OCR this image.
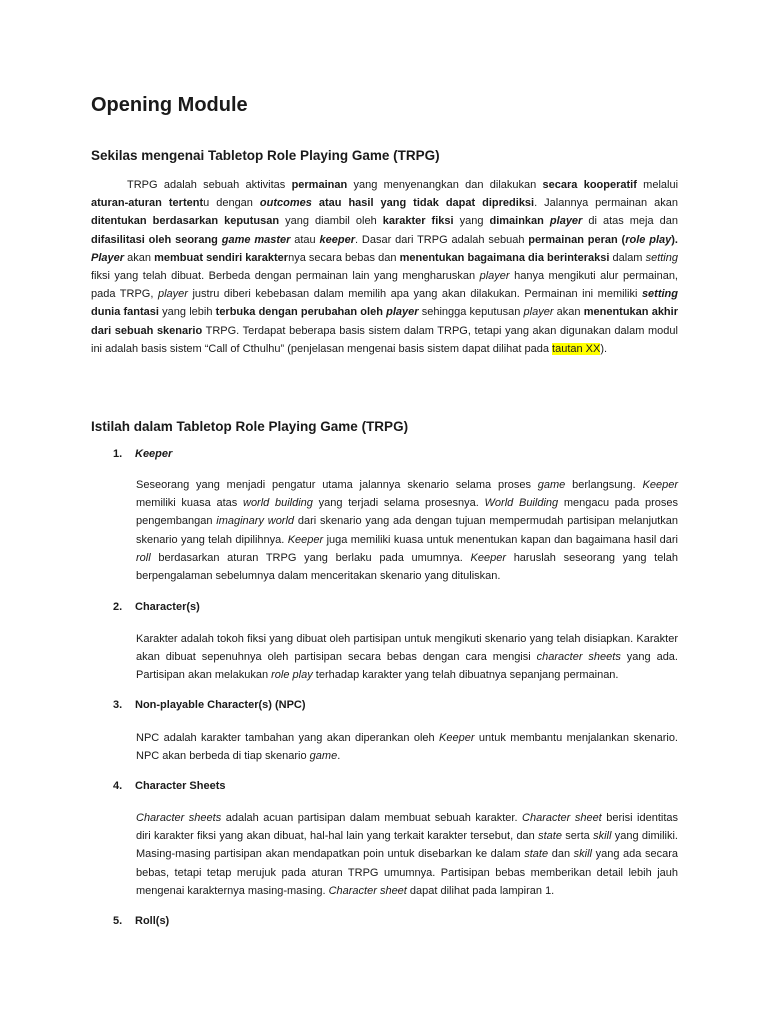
Opening Module
Sekilas mengenai Tabletop Role Playing Game (TRPG)
TRPG adalah sebuah aktivitas permainan yang menyenangkan dan dilakukan secara kooperatif melalui aturan-aturan tertentu dengan outcomes atau hasil yang tidak dapat diprediksi. Jalannya permainan akan ditentukan berdasarkan keputusan yang diambil oleh karakter fiksi yang dimainkan player di atas meja dan difasilitasi oleh seorang game master atau keeper. Dasar dari TRPG adalah sebuah permainan peran (role play). Player akan membuat sendiri karakternya secara bebas dan menentukan bagaimana dia berinteraksi dalam setting fiksi yang telah dibuat. Berbeda dengan permainan lain yang mengharuskan player hanya mengikuti alur permainan, pada TRPG, player justru diberi kebebasan dalam memilih apa yang akan dilakukan. Permainan ini memiliki setting dunia fantasi yang lebih terbuka dengan perubahan oleh player sehingga keputusan player akan menentukan akhir dari sebuah skenario TRPG. Terdapat beberapa basis sistem dalam TRPG, tetapi yang akan digunakan dalam modul ini adalah basis sistem “Call of Cthulhu” (penjelasan mengenai basis sistem dapat dilihat pada tautan XX).
Istilah dalam Tabletop Role Playing Game (TRPG)
1. Keeper
Seseorang yang menjadi pengatur utama jalannya skenario selama proses game berlangsung. Keeper memiliki kuasa atas world building yang terjadi selama prosesnya. World Building mengacu pada proses pengembangan imaginary world dari skenario yang ada dengan tujuan mempermudah partisipan melanjutkan skenario yang telah dipilihnya. Keeper juga memiliki kuasa untuk menentukan kapan dan bagaimana hasil dari roll berdasarkan aturan TRPG yang berlaku pada umumnya. Keeper haruslah seseorang yang telah berpengalaman sebelumnya dalam menceritakan skenario yang dituliskan.
2. Character(s)
Karakter adalah tokoh fiksi yang dibuat oleh partisipan untuk mengikuti skenario yang telah disiapkan. Karakter akan dibuat sepenuhnya oleh partisipan secara bebas dengan cara mengisi character sheets yang ada. Partisipan akan melakukan role play terhadap karakter yang telah dibuatnya sepanjang permainan.
3. Non-playable Character(s) (NPC)
NPC adalah karakter tambahan yang akan diperankan oleh Keeper untuk membantu menjalankan skenario. NPC akan berbeda di tiap skenario game.
4. Character Sheets
Character sheets adalah acuan partisipan dalam membuat sebuah karakter. Character sheet berisi identitas diri karakter fiksi yang akan dibuat, hal-hal lain yang terkait karakter tersebut, dan state serta skill yang dimiliki. Masing-masing partisipan akan mendapatkan poin untuk disebarkan ke dalam state dan skill yang ada secara bebas, tetapi tetap merujuk pada aturan TRPG umumnya. Partisipan bebas memberikan detail lebih jauh mengenai karakternya masing-masing. Character sheet dapat dilihat pada lampiran 1.
5. Roll(s)
